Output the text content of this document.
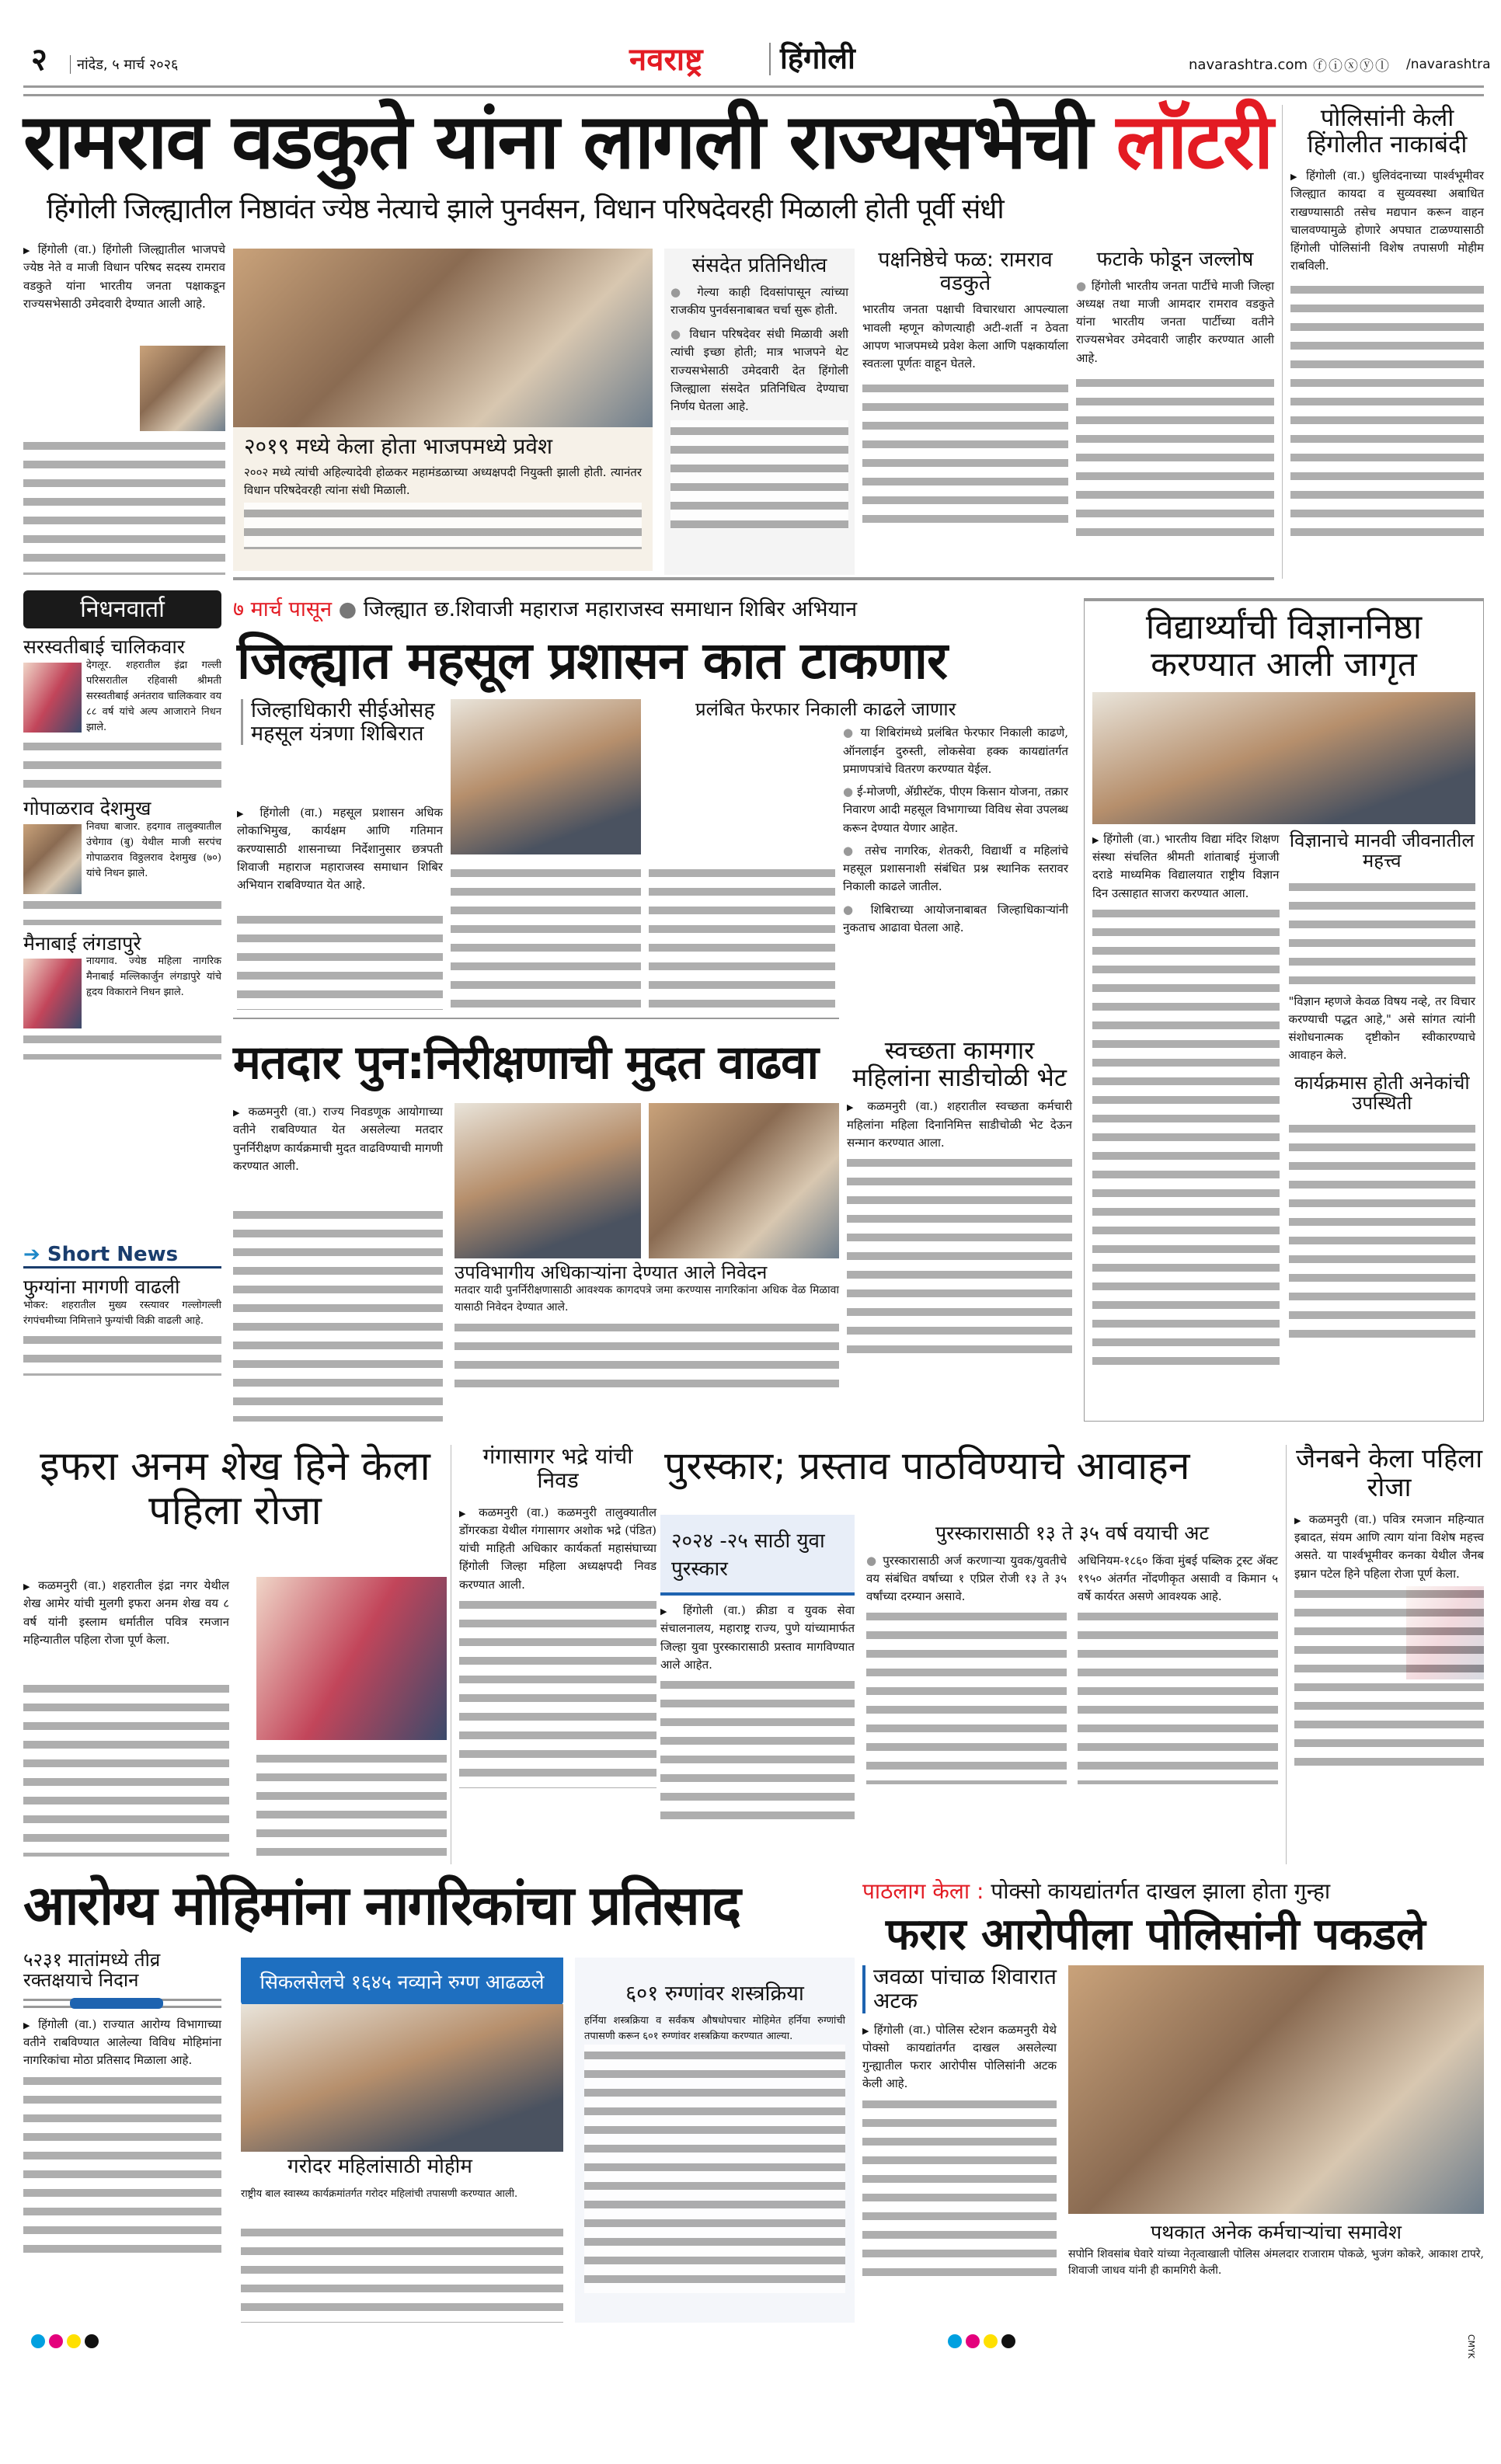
२	नांदेड, ५ मार्च २०२६	नवराष्ट्र	हिंगोली	navarashtra.com ⓕⓘⓧⓨⓛ /navarashtra
रामराव वडकुते यांना लागली राज्यसभेची लॉटरी
हिंगोली जिल्ह्यातील निष्ठावंत ज्येष्ठ नेत्याचे झाले पुनर्वसन, विधान परिषदेवरही मिळाली होती पूर्वी संधी

▶ हिंगोली (वा.) हिंगोली जिल्ह्यातील भाजपचे ज्येष्ठ नेते व माजी विधान परिषद सदस्य रामराव वडकुते यांना भारतीय जनता पक्षाकडून राज्यसभेसाठी उमेदवारी देण्यात आली आहे.

२०१९ मध्ये केला होता भाजपमध्ये प्रवेश

२००२ मध्ये त्यांची अहिल्यादेवी होळकर महामंडळाच्या अध्यक्षपदी नियुक्ती झाली होती. त्यानंतर विधान परिषदेवरही त्यांना संधी मिळाली.

संसदेत प्रतिनिधीत्व

● गेल्या काही दिवसांपासून त्यांच्या राजकीय पुनर्वसनाबाबत चर्चा सुरू होती.

● विधान परिषदेवर संधी मिळावी अशी त्यांची इच्छा होती; मात्र भाजपने थेट राज्यसभेसाठी उमेदवारी देत हिंगोली जिल्ह्याला संसदेत प्रतिनिधित्व देण्याचा निर्णय घेतला आहे.

पक्षनिष्ठेचे फळ: रामराव वडकुते

भारतीय जनता पक्षाची विचारधारा आपल्याला भावली म्हणून कोणत्याही अटी-शर्ती न ठेवता आपण भाजपमध्ये प्रवेश केला आणि पक्षकार्याला स्वतःला पूर्णतः वाहून घेतले.

फटाके फोडून जल्लोष

● हिंगोली भारतीय जनता पार्टीचे माजी जिल्हा अध्यक्ष तथा माजी आमदार रामराव वडकुते यांना भारतीय जनता पार्टीच्या वतीने राज्यसभेवर उमेदवारी जाहीर करण्यात आली आहे.

पोलिसांनी केली हिंगोलीत नाकाबंदी

▶ हिंगोली (वा.) धुलिवंदनाच्या पार्श्वभूमीवर जिल्ह्यात कायदा व सुव्यवस्था अबाधित राखण्यासाठी तसेच मद्यपान करून वाहन चालवण्यामुळे होणारे अपघात टाळण्यासाठी हिंगोली पोलिसांनी विशेष तपासणी मोहीम राबविली.

निधनवार्ता
सरस्वतीबाई चालिकवार

देगलूर. शहरातील इंद्रा गल्ली परिसरातील रहिवासी श्रीमती सरस्वतीबाई अनंतराव चालिकवार वय ८८ वर्ष यांचे अल्प आजाराने निधन झाले.

गोपाळराव देशमुख

निवघा बाजार. हदगाव तालुक्यातील उंचेगाव (बु) येथील माजी सरपंच गोपाळराव विठ्ठलराव देशमुख (७०) यांचे निधन झाले.

मैनाबाई लंगडापुरे

नायगाव. ज्येष्ठ महिला नागरिक मैनाबाई मल्लिकार्जुन लंगडापुरे यांचे हृदय विकाराने निधन झाले.

➔ Short News
फुग्यांना मागणी वाढली

भोकर: शहरातील मुख्य रस्त्यावर गल्लोगल्ली रंगपंचमीच्या निमित्ताने फुग्यांची विक्री वाढली आहे.

७ मार्च पासून ● जिल्ह्यात छ.शिवाजी महाराज महाराजस्व समाधान शिबिर अभियान
जिल्ह्यात महसूल प्रशासन कात टाकणार
जिल्हाधिकारी सीईओसह महसूल यंत्रणा शिबिरात

▶ हिंगोली (वा.) महसूल प्रशासन अधिक लोकाभिमुख, कार्यक्षम आणि गतिमान करण्यासाठी शासनाच्या निर्देशानुसार छत्रपती शिवाजी महाराज महाराजस्व समाधान शिबिर अभियान राबविण्यात येत आहे.

प्रलंबित फेरफार निकाली काढले जाणार

● या शिबिरांमध्ये प्रलंबित फेरफार निकाली काढणे, ऑनलाईन दुरुस्ती, लोकसेवा हक्क कायद्यांतर्गत प्रमाणपत्रांचे वितरण करण्यात येईल.

● ई-मोजणी, ॲग्रीस्टॅक, पीएम किसान योजना, तक्रार निवारण आदी महसूल विभागाच्या विविध सेवा उपलब्ध करून देण्यात येणार आहेत.

● तसेच नागरिक, शेतकरी, विद्यार्थी व महिलांचे महसूल प्रशासनाशी संबंधित प्रश्न स्थानिक स्तरावर निकाली काढले जातील.

● शिबिराच्या आयोजनाबाबत जिल्हाधिकाऱ्यांनी नुकताच आढावा घेतला आहे.

विद्यार्थ्यांची विज्ञाननिष्ठा करण्यात आली जागृत

▶ हिंगोली (वा.) भारतीय विद्या मंदिर शिक्षण संस्था संचलित श्रीमती शांताबाई मुंजाजी दराडे माध्यमिक विद्यालयात राष्ट्रीय विज्ञान दिन उत्साहात साजरा करण्यात आला.

विज्ञानाचे मानवी जीवनातील महत्त्व

"विज्ञान म्हणजे केवळ विषय नव्हे, तर विचार करण्याची पद्धत आहे," असे सांगत त्यांनी संशोधनात्मक दृष्टीकोन स्वीकारण्याचे आवाहन केले.

कार्यक्रमास होती अनेकांची उपस्थिती
मतदार पुन:निरीक्षणाची मुदत वाढवा

▶ कळमनुरी (वा.) राज्य निवडणूक आयोगाच्या वतीने राबविण्यात येत असलेल्या मतदार पुनर्निरीक्षण कार्यक्रमाची मुदत वाढविण्याची मागणी करण्यात आली.

उपविभागीय अधिकाऱ्यांना देण्यात आले निवेदन

मतदार यादी पुनर्निरीक्षणासाठी आवश्यक कागदपत्रे जमा करण्यास नागरिकांना अधिक वेळ मिळावा यासाठी निवेदन देण्यात आले.

स्वच्छता कामगार महिलांना साडीचोळी भेट

▶ कळमनुरी (वा.) शहरातील स्वच्छता कर्मचारी महिलांना महिला दिनानिमित्त साडीचोळी भेट देऊन सन्मान करण्यात आला.

इफरा अनम शेख हिने केला पहिला रोजा

▶ कळमनुरी (वा.) शहरातील इंद्रा नगर येथील शेख आमेर यांची मुलगी इफरा अनम शेख वय ८ वर्ष यांनी इस्लाम धर्मातील पवित्र रमजान महिन्यातील पहिला रोजा पूर्ण केला.

गंगासागर भद्रे यांची निवड

▶ कळमनुरी (वा.) कळमनुरी तालुक्यातील डोंगरकडा येथील गंगासागर अशोक भद्रे (पंडित) यांची माहिती अधिकार कार्यकर्ता महासंघाच्या हिंगोली जिल्हा महिला अध्यक्षपदी निवड करण्यात आली.

पुरस्कार; प्रस्ताव पाठविण्याचे आवाहन
२०२४ -२५ साठी युवा पुरस्कार

▶ हिंगोली (वा.) क्रीडा व युवक सेवा संचालनालय, महाराष्ट्र राज्य, पुणे यांच्यामार्फत जिल्हा युवा पुरस्कारासाठी प्रस्ताव मागविण्यात आले आहेत.

पुरस्कारासाठी १३ ते ३५ वर्ष वयाची अट

● पुरस्कारासाठी अर्ज करणाऱ्या युवक/युवतीचे वय संबंधित वर्षाच्या १ एप्रिल रोजी १३ ते ३५ वर्षांच्या दरम्यान असावे.

अधिनियम-१८६० किंवा मुंबई पब्लिक ट्रस्ट ॲक्ट १९५० अंतर्गत नोंदणीकृत असावी व किमान ५ वर्षे कार्यरत असणे आवश्यक आहे.

जैनबने केला पहिला रोजा

▶ कळमनुरी (वा.) पवित्र रमजान महिन्यात इबादत, संयम आणि त्याग यांना विशेष महत्त्व असते. या पार्श्वभूमीवर कनका येथील जैनब इम्रान पटेल हिने पहिला रोजा पूर्ण केला.

आरोग्य मोहिमांना नागरिकांचा प्रतिसाद
५२३१ मातांमध्ये तीव्र रक्तक्षयाचे निदान

▶ हिंगोली (वा.) राज्यात आरोग्य विभागाच्या वतीने राबविण्यात आलेल्या विविध मोहिमांना नागरिकांचा मोठा प्रतिसाद मिळाला आहे.

सिकलसेलचे १६४५ नव्याने रुग्ण आढळले
गरोदर महिलांसाठी मोहीम

राष्ट्रीय बाल स्वास्थ्य कार्यक्रमांतर्गत गरोदर महिलांची तपासणी करण्यात आली.

६०१ रुग्णांवर शस्त्रक्रिया

हर्निया शस्त्रक्रिया व सर्वंकष औषधोपचार मोहिमेत हर्निया रुग्णांची तपासणी करून ६०१ रुग्णांवर शस्त्रक्रिया करण्यात आल्या.

पाठलाग केला : पोक्सो कायद्यांतर्गत दाखल झाला होता गुन्हा
फरार आरोपीला पोलिसांनी पकडले
जवळा पांचाळ शिवारात अटक

▶ हिंगोली (वा.) पोलिस स्टेशन कळमनुरी येथे पोक्सो कायद्यांतर्गत दाखल असलेल्या गुन्ह्यातील फरार आरोपीस पोलिसांनी अटक केली आहे.

पथकात अनेक कर्मचाऱ्यांचा समावेश

सपोनि शिवसांब घेवारे यांच्या नेतृत्वाखाली पोलिस अंमलदार राजाराम पोकळे, भुजंग कोकरे, आकाश टापरे, शिवाजी जाधव यांनी ही कामगिरी केली.

CMYK
